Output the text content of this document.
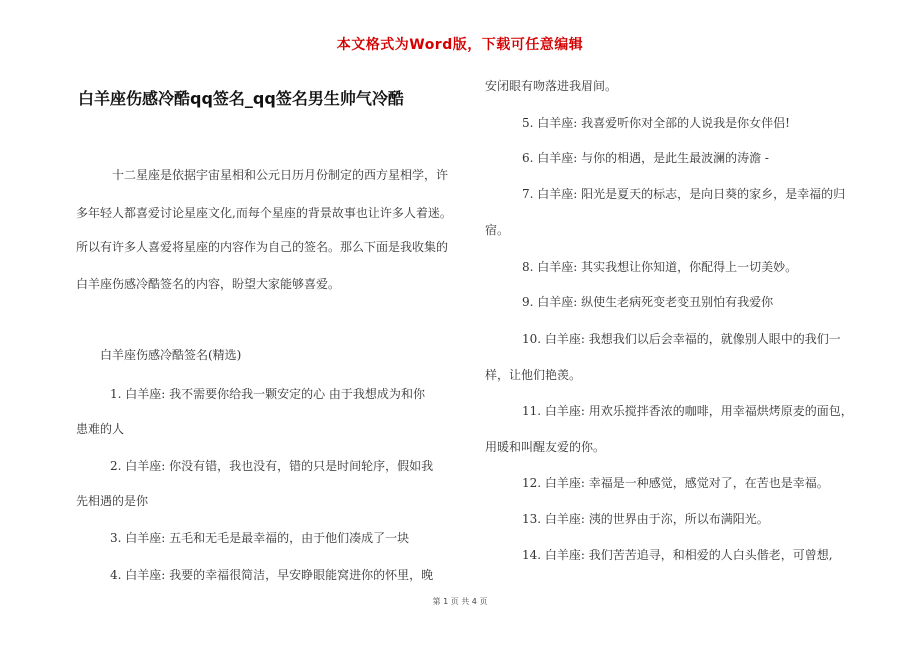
本文格式为Word版，下载可任意编辑
白羊座伤感冷酷qq签名_qq签名男生帅气冷酷
十二星座是依据宇宙星相和公元日历月份制定的西方星相学，许
多年轻人都喜爱讨论星座文化,而每个星座的背景故事也让许多人着迷。
所以有许多人喜爱将星座的内容作为自己的签名。那么下面是我收集的
白羊座伤感冷酷签名的内容，盼望大家能够喜爱。
白羊座伤感冷酷签名(精选)
1. 白羊座: 我不需要你给我一颗安定的心 由于我想成为和你
患难的人
2. 白羊座: 你没有错，我也没有，错的只是时间轮序，假如我
先相遇的是你
3. 白羊座: 五毛和无毛是最幸福的，由于他们凑成了一块
4. 白羊座: 我要的幸福很简洁，早安睁眼能窝进你的怀里，晚
安闭眼有吻落进我眉间。
5. 白羊座: 我喜爱听你对全部的人说我是你女伴侣!
6. 白羊座: 与你的相遇，是此生最波澜的涛澹 -
7. 白羊座: 阳光是夏天的标志，是向日葵的家乡，是幸福的归
宿。
8. 白羊座: 其实我想让你知道，你配得上一切美妙。
9. 白羊座: 纵使生老病死变老变丑别怕有我爱你
10. 白羊座: 我想我们以后会幸福的，就像别人眼中的我们一
样，让他们艳羡。
11. 白羊座: 用欢乐搅拌香浓的咖啡，用幸福烘烤原麦的面包，
用暖和叫醒友爱的你。
12. 白羊座: 幸福是一种感觉，感觉对了，在苦也是幸福。
13. 白羊座: 洟的世界由于沵，所以布满阳光。
14. 白羊座: 我们苦苦追寻，和相爱的人白头偕老，可曾想,
第 1 页 共 4 页
